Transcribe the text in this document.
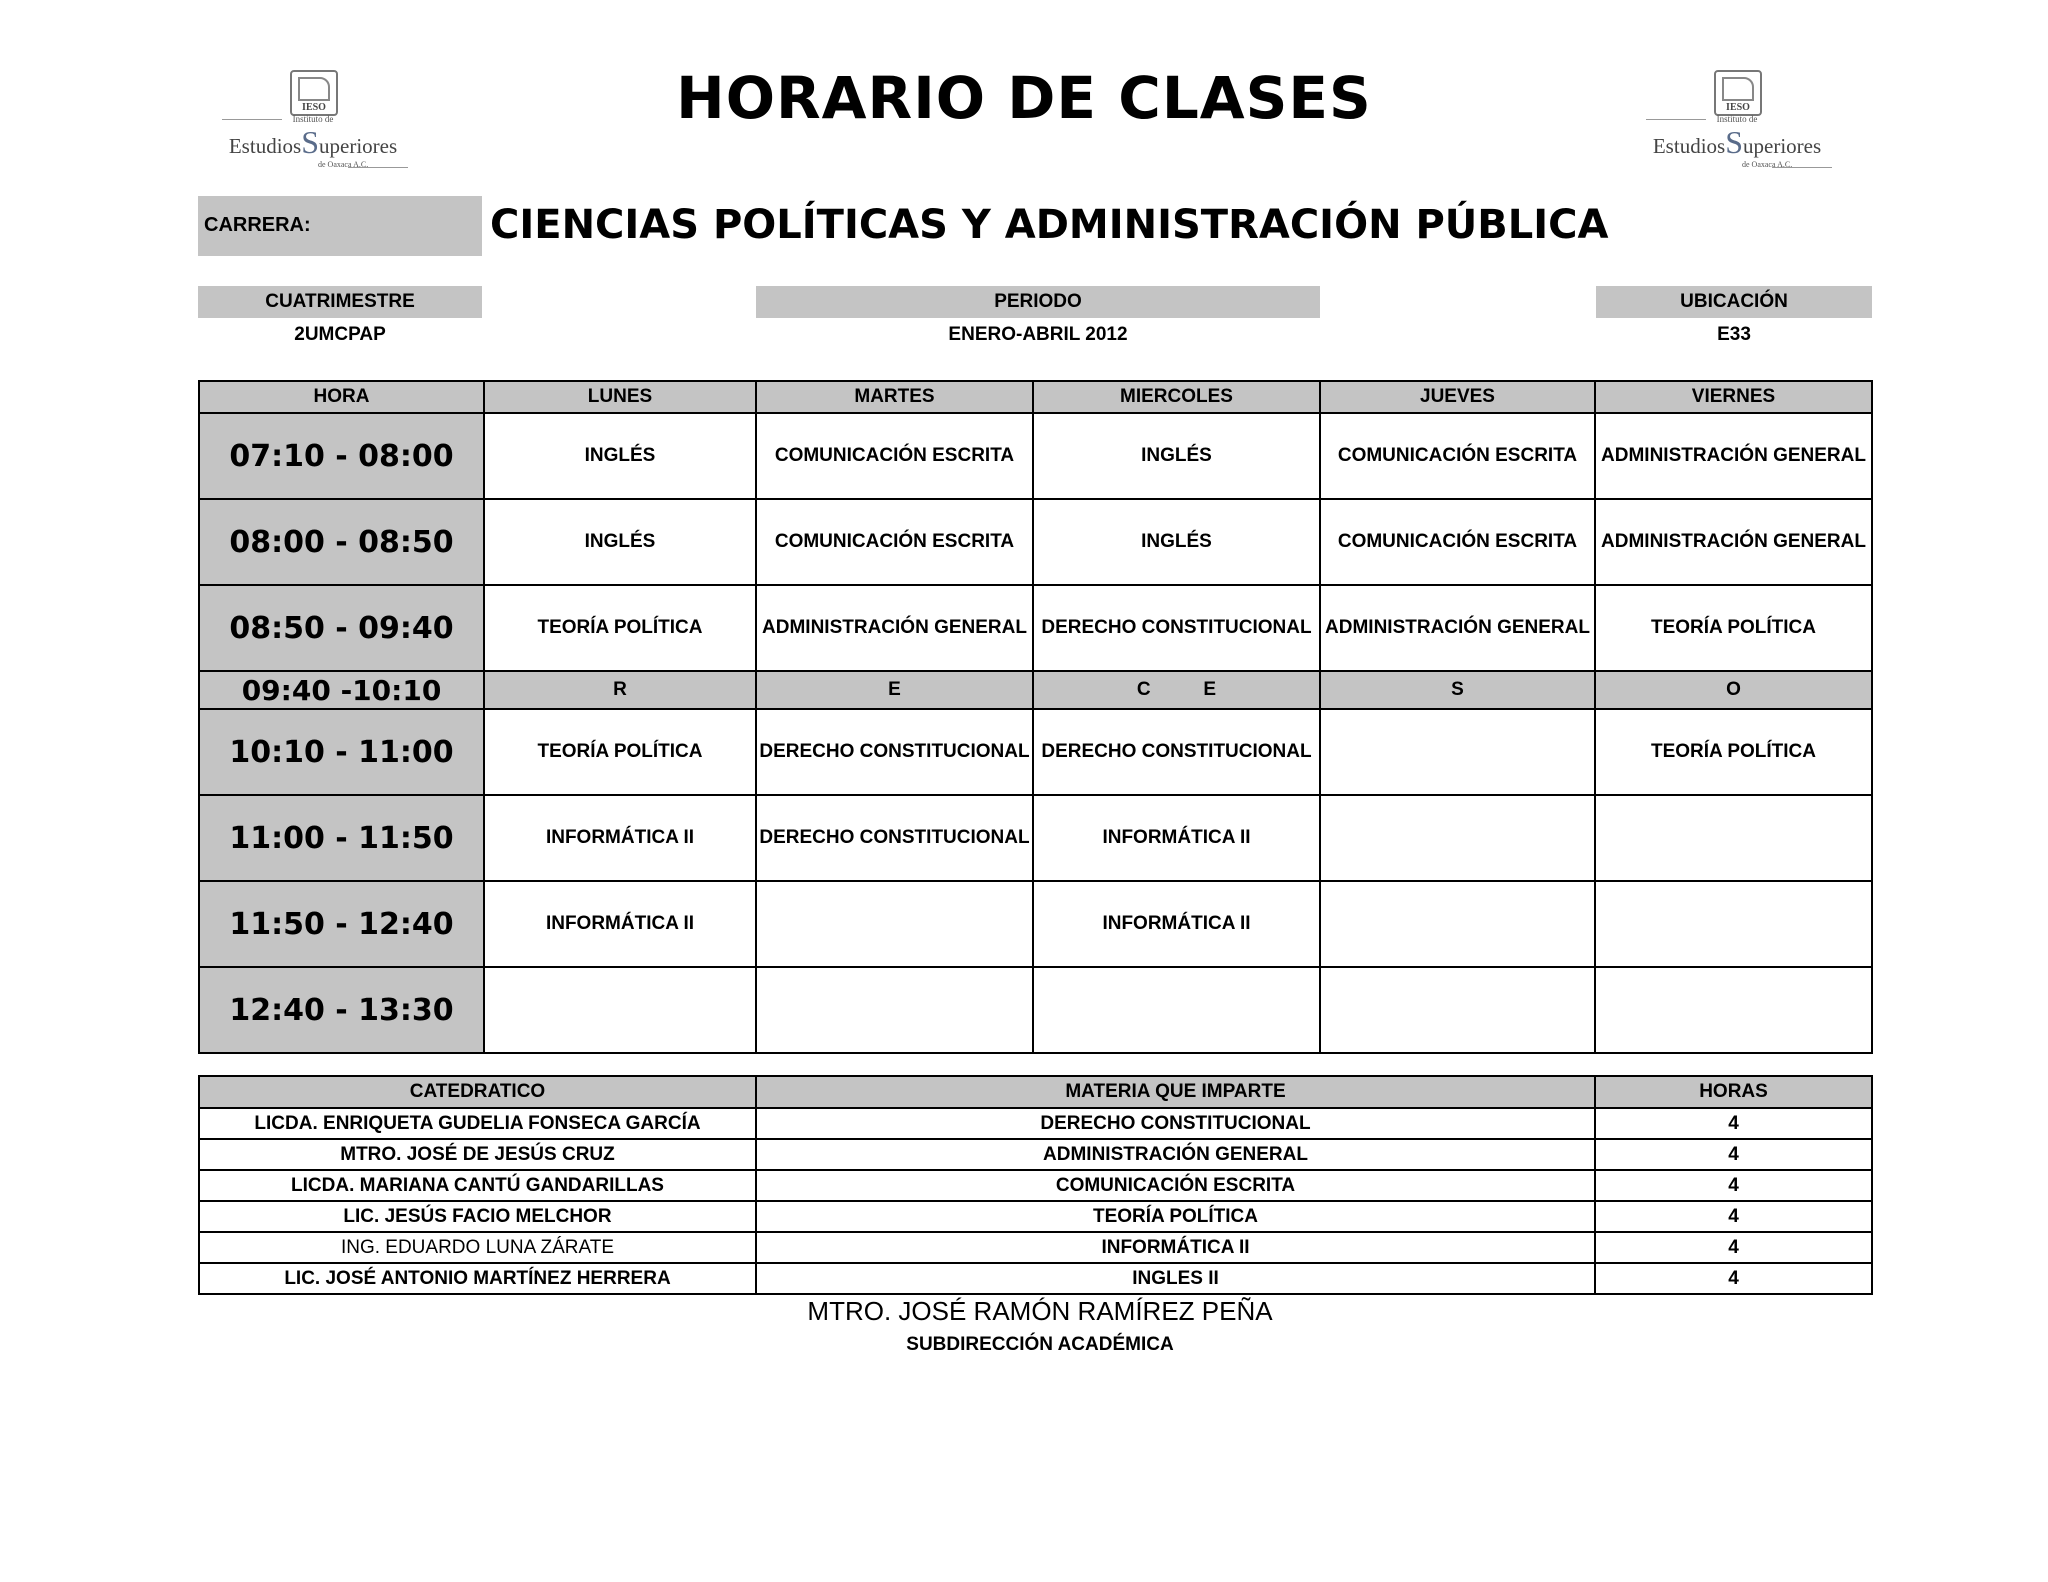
IESO
Instituto de
EstudiosSuperiores
de Oaxaca A.C.
IESO
Instituto de
EstudiosSuperiores
de Oaxaca A.C.
HORARIO DE CLASES
CARRERA:	CIENCIAS POLÍTICAS Y ADMINISTRACIÓN PÚBLICA
CUATRIMESTRE
2UMCPAP
PERIODO
ENERO-ABRIL 2012
UBICACIÓN
E33
HORA	LUNES	MARTES	MIERCOLES	JUEVES	VIERNES
07:10 - 08:00	INGLÉS	COMUNICACIÓN ESCRITA	INGLÉS	COMUNICACIÓN ESCRITA	ADMINISTRACIÓN GENERAL
08:00 - 08:50	INGLÉS	COMUNICACIÓN ESCRITA	INGLÉS	COMUNICACIÓN ESCRITA	ADMINISTRACIÓN GENERAL
08:50 - 09:40	TEORÍA POLÍTICA	ADMINISTRACIÓN GENERAL	DERECHO CONSTITUCIONAL	ADMINISTRACIÓN GENERAL	TEORÍA POLÍTICA
09:40 -10:10	R	E	C          E	S	O
10:10 - 11:00	TEORÍA POLÍTICA	DERECHO CONSTITUCIONAL	DERECHO CONSTITUCIONAL		TEORÍA POLÍTICA
11:00 - 11:50	INFORMÁTICA II	DERECHO CONSTITUCIONAL	INFORMÁTICA II		
11:50 - 12:40	INFORMÁTICA II		INFORMÁTICA II		
12:40 - 13:30					
CATEDRATICO	MATERIA QUE IMPARTE	HORAS
LICDA. ENRIQUETA GUDELIA FONSECA GARCÍA	DERECHO CONSTITUCIONAL	4
MTRO. JOSÉ DE JESÚS CRUZ	ADMINISTRACIÓN GENERAL	4
LICDA. MARIANA CANTÚ GANDARILLAS	COMUNICACIÓN ESCRITA	4
LIC. JESÚS FACIO MELCHOR	TEORÍA POLÍTICA	4
ING. EDUARDO LUNA ZÁRATE	INFORMÁTICA II	4
LIC. JOSÉ ANTONIO MARTÍNEZ HERRERA	INGLES II	4
MTRO. JOSÉ RAMÓN RAMÍREZ PEÑA
SUBDIRECCIÓN ACADÉMICA
